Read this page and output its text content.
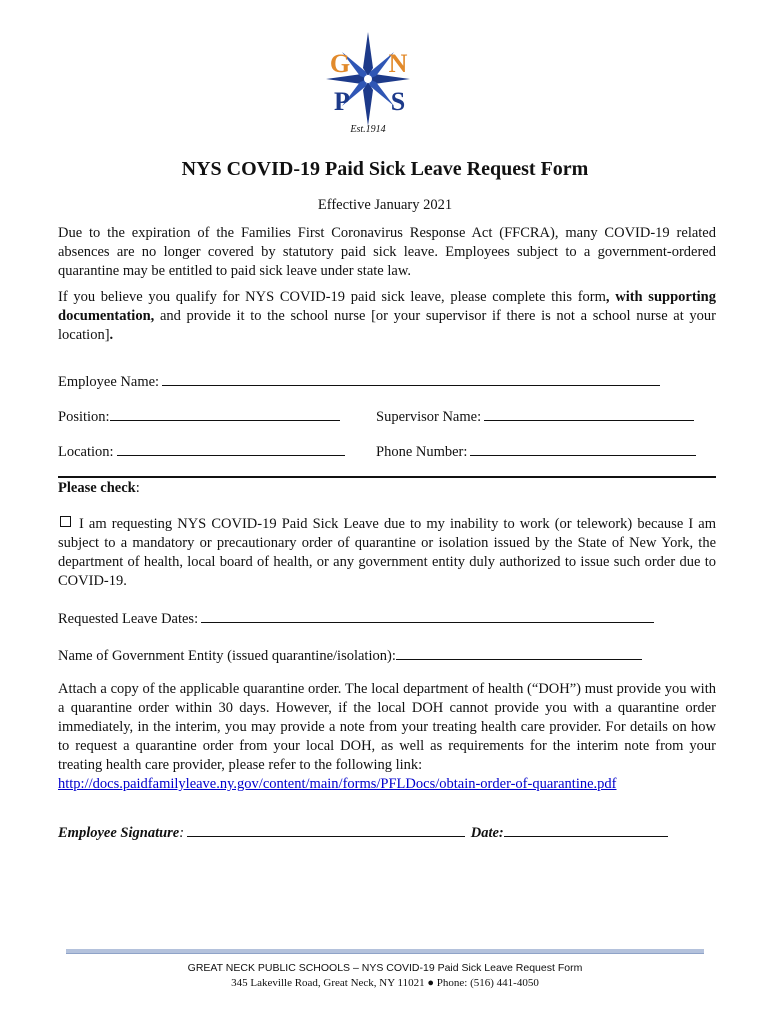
G N
P S
Est.1914
NYS COVID-19 Paid Sick Leave Request Form
Effective January 2021
Due to the expiration of the Families First Coronavirus Response Act (FFCRA), many COVID-19 related absences are no longer covered by statutory paid sick leave. Employees subject to a government-ordered quarantine may be entitled to paid sick leave under state law.
If you believe you qualify for NYS COVID-19 paid sick leave, please complete this form, with supporting documentation, and provide it to the school nurse [or your supervisor if there is not a school nurse at your location].
Employee Name:
Position:	Supervisor Name:
Location:	Phone Number:
Please check:
I am requesting NYS COVID-19 Paid Sick Leave due to my inability to work (or telework) because I am subject to a mandatory or precautionary order of quarantine or isolation issued by the State of New York, the department of health, local board of health, or any government entity duly authorized to issue such order due to COVID-19.
Requested Leave Dates:
Name of Government Entity (issued quarantine/isolation):
Attach a copy of the applicable quarantine order. The local department of health (“DOH”) must provide you with a quarantine order within 30 days. However, if the local DOH cannot provide you with a quarantine order immediately, in the interim, you may provide a note from your treating health care provider. For details on how to request a quarantine order from your local DOH, as well as requirements for the interim note from your treating health care provider, please refer to the following link:
http://docs.paidfamilyleave.ny.gov/content/main/forms/PFLDocs/obtain-order-of-quarantine.pdf
Employee Signature:	Date:
GREAT NECK PUBLIC SCHOOLS – NYS COVID-19 Paid Sick Leave Request Form
345 Lakeville Road, Great Neck, NY 11021 ● Phone: (516) 441-4050
